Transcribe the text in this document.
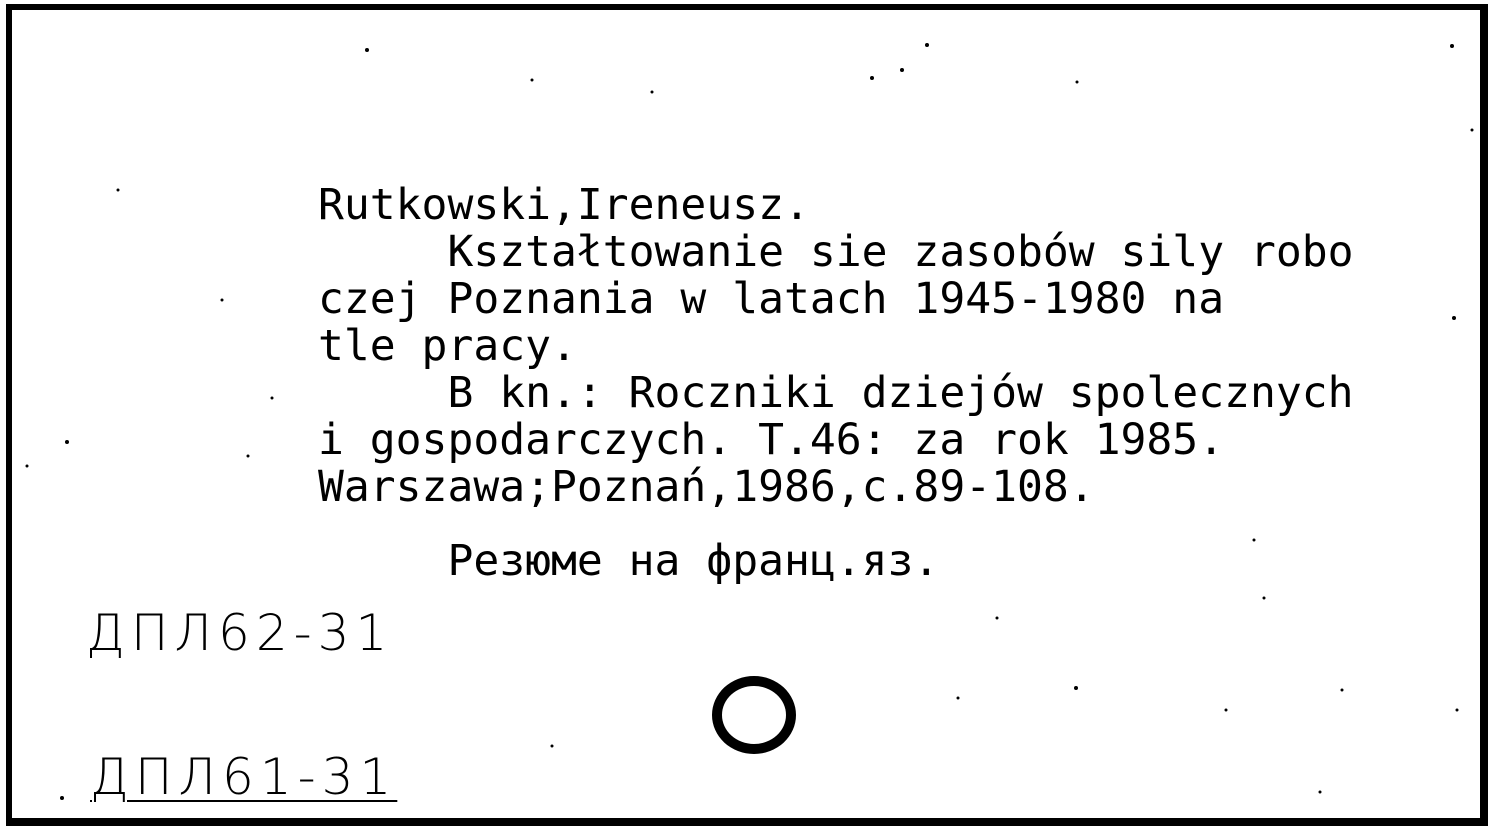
Rutkowski,Ireneusz.
Kształtowanie sie zasobów sily robo
czej Poznania w latach 1945-1980 na
tle pracy.
B kn.: Roczniki dziejów spolecznych
i gospodarczych. T.46: za rok 1985.
Warszawa;Poznań,1986,c.89-108.
Резюме на франц.яз.
ДПЛ62-31
ДПЛ61-31
